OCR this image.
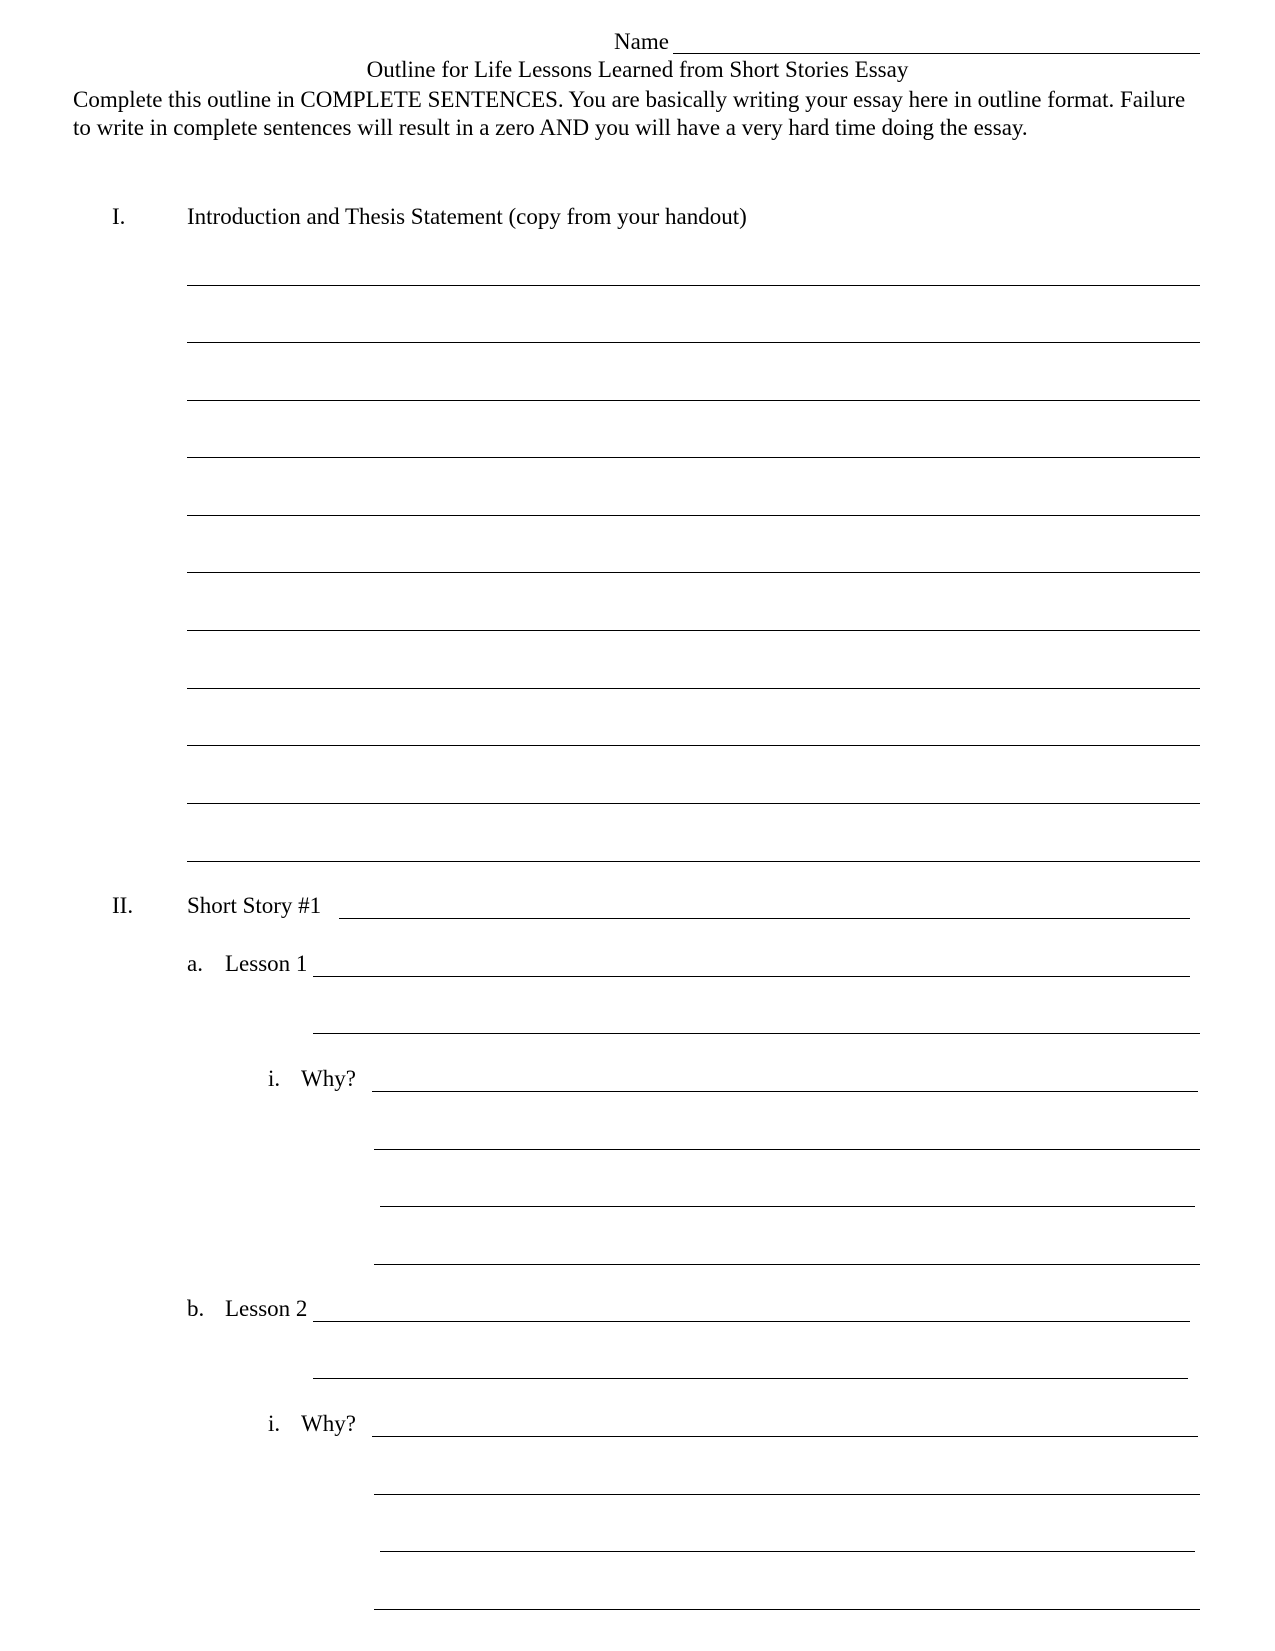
Name
Outline for Life Lessons Learned from Short Stories Essay
Complete this outline in COMPLETE SENTENCES. You are basically writing your essay here in outline format. Failure to write in complete sentences will result in a zero AND you will have a very hard time doing the essay.
I.	Introduction and Thesis Statement (copy from your handout)
II. Short Story #1
a. Lesson 1
i. Why?
b. Lesson 2
i. Why?
